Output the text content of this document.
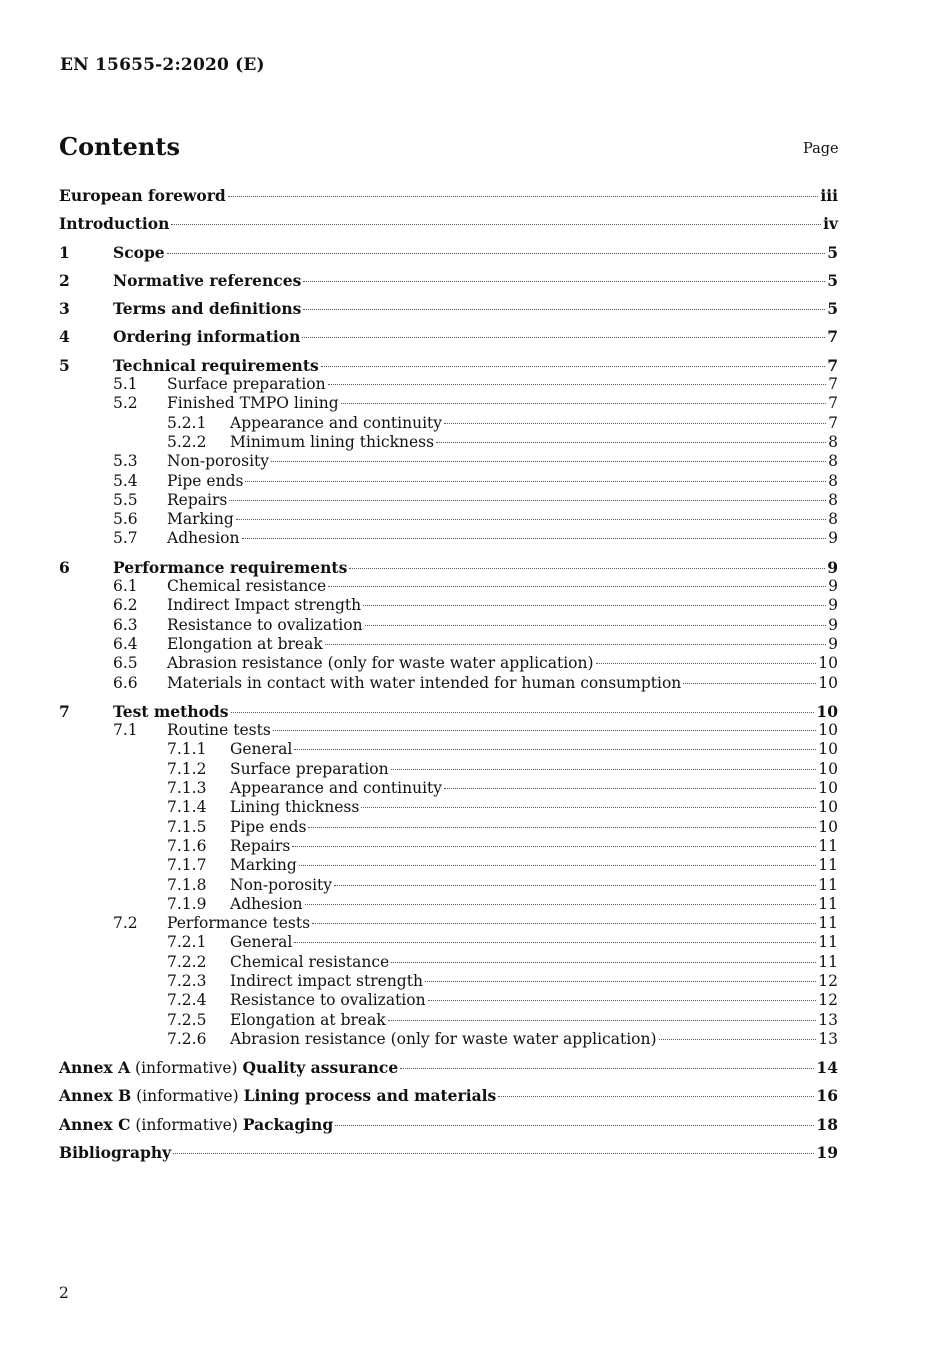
EN 15655-2:2020 (E)
Contents	Page
European foreword	iii
Introduction	iv
1	Scope	5
2	Normative references	5
3	Terms and definitions	5
4	Ordering information	7
5	Technical requirements	7
5.1	Surface preparation	7
5.2	Finished TMPO lining	7
5.2.1	Appearance and continuity	7
5.2.2	Minimum lining thickness	8
5.3	Non-porosity	8
5.4	Pipe ends	8
5.5	Repairs	8
5.6	Marking	8
5.7	Adhesion	9
6	Performance requirements	9
6.1	Chemical resistance	9
6.2	Indirect Impact strength	9
6.3	Resistance to ovalization	9
6.4	Elongation at break	9
6.5	Abrasion resistance (only for waste water application)	10
6.6	Materials in contact with water intended for human consumption	10
7	Test methods	10
7.1	Routine tests	10
7.1.1	General	10
7.1.2	Surface preparation	10
7.1.3	Appearance and continuity	10
7.1.4	Lining thickness	10
7.1.5	Pipe ends	10
7.1.6	Repairs	11
7.1.7	Marking	11
7.1.8	Non-porosity	11
7.1.9	Adhesion	11
7.2	Performance tests	11
7.2.1	General	11
7.2.2	Chemical resistance	11
7.2.3	Indirect impact strength	12
7.2.4	Resistance to ovalization	12
7.2.5	Elongation at break	13
7.2.6	Abrasion resistance (only for waste water application)	13
Annex A (informative) Quality assurance	14
Annex B (informative) Lining process and materials	16
Annex C (informative) Packaging	18
Bibliography	19
2
